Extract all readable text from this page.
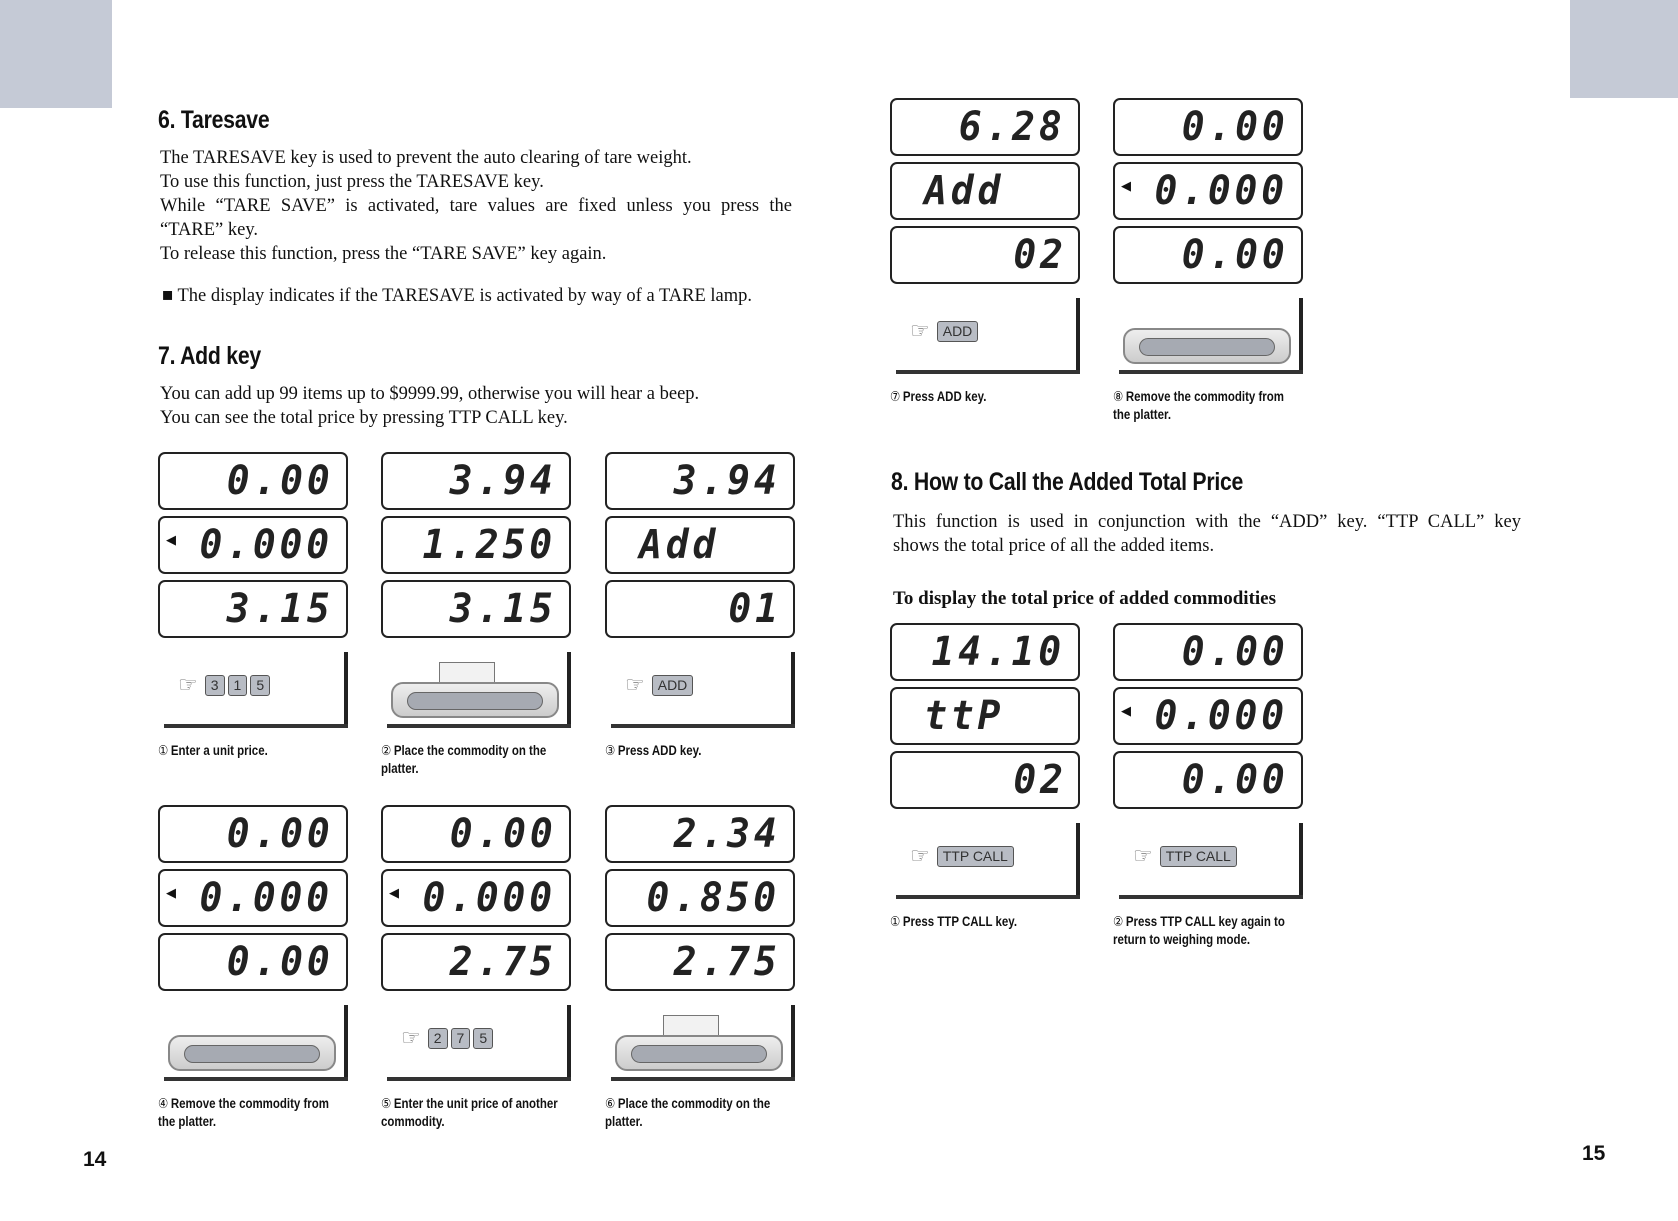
6. Taresave
The TARESAVE key is used to prevent the auto clearing of tare weight.
To use this function, just press the TARESAVE key.
While “TARE SAVE” is activated, tare values are fixed unless you press the
“TARE” key.
To release this function, press the “TARE SAVE” key again.
■ The display indicates if the TARESAVE is activated by way of a TARE lamp.
7. Add key
You can add up 99 items up to $9999.99, otherwise you will hear a beep.
You can see the total price by pressing TTP CALL key.
8. How to Call the Added Total Price
This function is used in conjunction with the “ADD” key. “TTP CALL” key
shows the total price of all the added items.
To display the total price of added commodities
0.00
◀ 0.000
3.15
☞ 3	1	5
① Enter a unit price.
3.94
1.250
3.15
② Place the commodity on the platter.
3.94
Add
01
☞ ADD
③ Press ADD key.
0.00
◀ 0.000
0.00
④ Remove the commodity from the platter.
0.00
◀ 0.000
2.75
☞ 2	7	5
⑤ Enter the unit price of another commodity.
2.34
0.850
2.75
⑥ Place the commodity on the platter.
6.28
Add
02
☞ ADD
⑦ Press ADD key.
0.00
◀ 0.000
0.00
⑧ Remove the commodity from the platter.
14.10
ttP
02
☞ TTP CALL
① Press TTP CALL key.
0.00
◀ 0.000
0.00
☞ TTP CALL
② Press TTP CALL key again to return to weighing mode.
14	15
